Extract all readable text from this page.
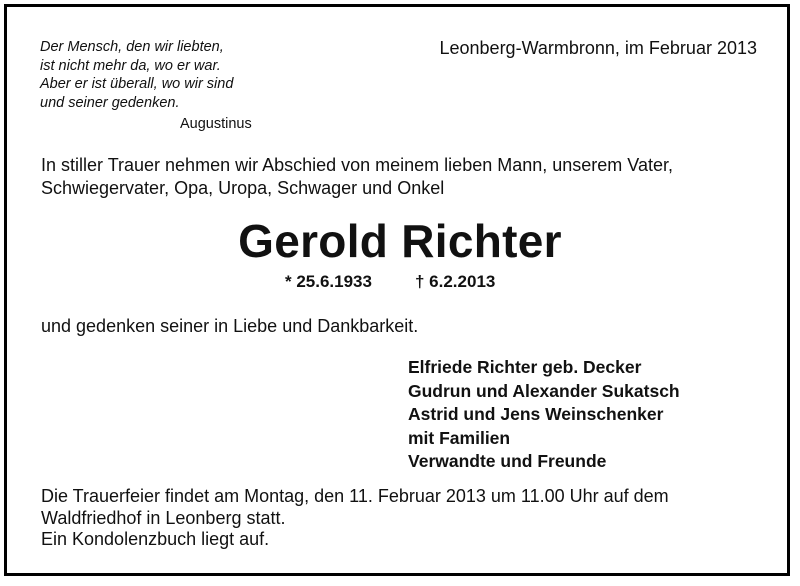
Der Mensch, den wir liebten,
ist nicht mehr da, wo er war.
Aber er ist überall, wo wir sind
und seiner gedenken.
Augustinus
Leonberg-Warmbronn, im Februar 2013
In stiller Trauer nehmen wir Abschied von meinem lieben Mann, unserem Vater,
Schwiegervater, Opa, Uropa, Schwager und Onkel
Gerold Richter
* 25.6.1933	† 6.2.2013
und gedenken seiner in Liebe und Dankbarkeit.
Elfriede Richter geb. Decker
Gudrun und Alexander Sukatsch
Astrid und Jens Weinschenker
mit Familien
Verwandte und Freunde
Die Trauerfeier findet am Montag, den 11. Februar 2013 um 11.00 Uhr auf dem
Waldfriedhof in Leonberg statt.
Ein Kondolenzbuch liegt auf.
